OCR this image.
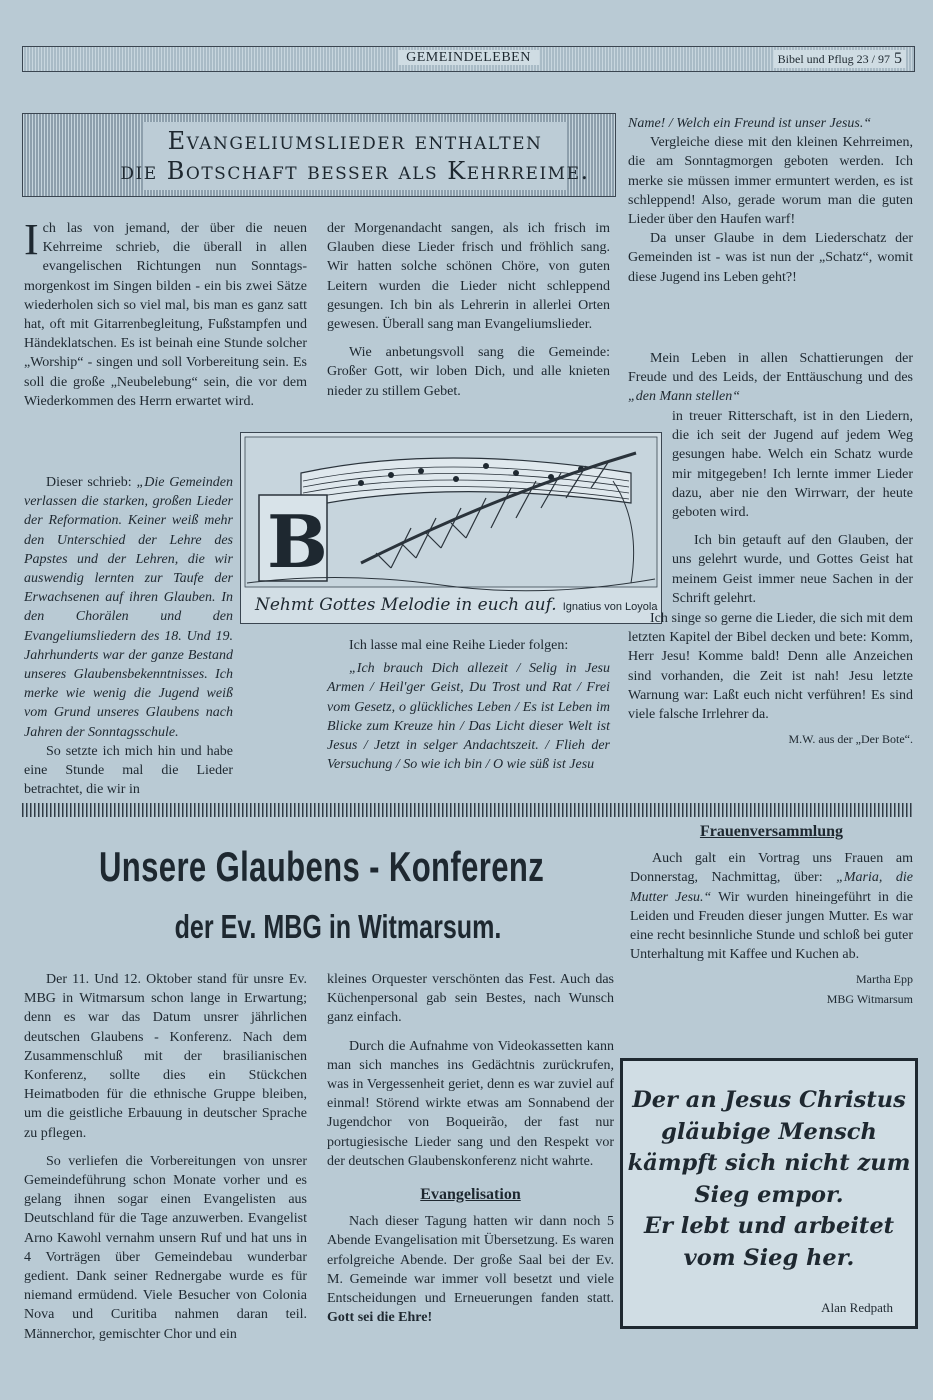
GEMEINDELEBEN	Bibel und Pflug 23 / 97 5
Evangeliumslieder enthalten
die Botschaft besser als Kehrreime.

Ich las von jemand, der über die neuen Kehrreime schrieb, die überall in allen evangelischen Richtungen nun Sonntags- morgenkost im Singen bilden - ein bis zwei Sätze wiederholen sich so viel mal, bis man es ganz satt hat, oft mit Gitarrenbegleitung, Fußstampfen und Händeklatschen. Es ist beinah eine Stunde solcher „Worship“ - singen und soll Vorbereitung sein. Es soll die große „Neubelebung“ sein, die vor dem Wiederkommen des Herrn erwartet wird.

Dieser schrieb: „Die Gemeinden verlassen die starken, großen Lieder der Reformation. Keiner weiß mehr den Unterschied der Lehre des Papstes und der Lehren, die wir auswendig lernten zur Taufe der Erwachsenen auf ihren Glauben. In den Chorälen und den Evangeliumsliedern des 18. Und 19. Jahrhunderts war der ganze Bestand unseres Glaubensbekenntnisses. Ich merke wie wenig die Jugend weiß vom Grund unseres Glaubens nach Jahren der Sonntagsschule.

So setzte ich mich hin und habe eine Stunde mal die Lieder betrachtet, die wir in

der Morgenandacht sangen, als ich frisch im Glauben diese Lieder frisch und fröhlich sang. Wir hatten solche schönen Chöre, von guten Leitern wurden die Lieder nicht schleppend gesungen. Ich bin als Lehrerin in allerlei Orten gewesen. Überall sang man Evangeliumslieder.

Wie anbetungsvoll sang die Gemeinde: Großer Gott, wir loben Dich, und alle knieten nieder zu stillem Gebet.

B
Nehmt Gottes Melodie in euch auf. Ignatius von Loyola

Ich lasse mal eine Reihe Lieder folgen:

„Ich brauch Dich allezeit / Selig in Jesu Armen / Heil'ger Geist, Du Trost und Rat / Frei vom Gesetz, o glückliches Leben / Es ist Leben im Blicke zum Kreuze hin / Das Licht dieser Welt ist Jesus / Jetzt in selger Andachtszeit. / Flieh der Versuchung / So wie ich bin / O wie süß ist Jesu

Name! / Welch ein Freund ist unser Jesus.“

Vergleiche diese mit den kleinen Kehrreimen, die am Sonntagmorgen geboten werden. Ich merke sie müssen immer ermuntert werden, es ist schleppend! Also, gerade worum man die guten Lieder über den Haufen warf!

Da unser Glaube in dem Liederschatz der Gemeinden ist - was ist nun der „Schatz“, womit diese Jugend ins Leben geht?!

Mein Leben in allen Schattierungen der Freude und des Leids, der Enttäuschung und des „den Mann stellen“

in treuer Ritterschaft, ist in den Liedern, die ich seit der Jugend auf jedem Weg gesungen habe. Welch ein Schatz wurde mir mitgegeben! Ich lernte immer Lieder dazu, aber nie den Wirrwarr, der heute geboten wird.

Ich bin getauft auf den Glauben, der uns gelehrt wurde, und Gottes Geist hat meinem Geist immer neue Sachen in der Schrift gelehrt.

Ich singe so gerne die Lieder, die sich mit dem letzten Kapitel der Bibel decken und bete: Komm, Herr Jesu! Komme bald! Denn alle Anzeichen sind vorhanden, die Zeit ist nah! Jesu letzte Warnung war: Laßt euch nicht verführen! Es sind viele falsche Irrlehrer da.

M.W. aus der „Der Bote“.

Unsere Glaubens - Konferenz
der Ev. MBG in Witmarsum.

Der 11. Und 12. Oktober stand für unsre Ev. MBG in Witmarsum schon lange in Erwartung; denn es war das Datum unsrer jährlichen deutschen Glaubens - Konferenz. Nach dem Zusammenschluß mit der brasilianischen Konferenz, sollte dies ein Stückchen Heimatboden für die ethnische Gruppe bleiben, um die geistliche Erbauung in deutscher Sprache zu pflegen.

So verliefen die Vorbereitungen von unsrer Gemeindeführung schon Monate vorher und es gelang ihnen sogar einen Evangelisten aus Deutschland für die Tage anzuwerben. Evangelist Arno Kawohl vernahm unsern Ruf und hat uns in 4 Vorträgen über Gemeindebau wunderbar gedient. Dank seiner Rednergabe wurde es für niemand ermüdend. Viele Besucher von Colonia Nova und Curitiba nahmen daran teil. Männerchor, gemischter Chor und ein

kleines Orquester verschönten das Fest. Auch das Küchenpersonal gab sein Bestes, nach Wunsch ganz einfach.

Durch die Aufnahme von Videokassetten kann man sich manches ins Gedächtnis zurückrufen, was in Vergessenheit geriet, denn es war zuviel auf einmal! Störend wirkte etwas am Sonnabend der Jugendchor von Boqueirão, der fast nur portugiesische Lieder sang und den Respekt vor der deutschen Glaubenskonferenz nicht wahrte.

Evangelisation

Nach dieser Tagung hatten wir dann noch 5 Abende Evangelisation mit Übersetzung. Es waren erfolgreiche Abende. Der große Saal bei der Ev. M. Gemeinde war immer voll besetzt und viele Entscheidungen und Erneuerungen fanden statt. Gott sei die Ehre!

Frauenversammlung

Auch galt ein Vortrag uns Frauen am Donnerstag, Nachmittag, über: „Maria, die Mutter Jesu.“ Wir wurden hineingeführt in die Leiden und Freuden dieser jungen Mutter. Es war eine recht besinnliche Stunde und schloß bei guter Unterhaltung mit Kaffee und Kuchen ab.

Martha Epp

MBG Witmarsum

Der an Jesus Christus
gläubige Mensch
kämpft sich nicht zum
Sieg empor.
Er lebt und arbeitet
vom Sieg her.
Alan Redpath
